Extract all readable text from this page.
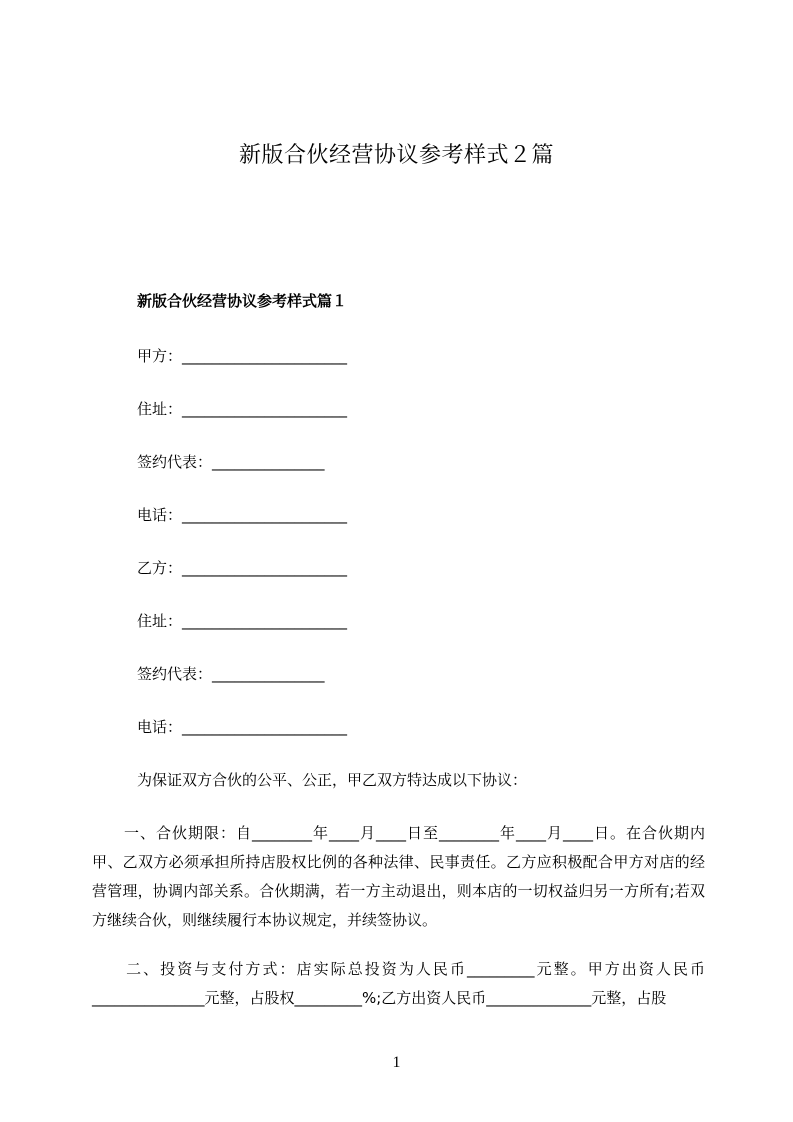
新版合伙经营协议参考样式２篇
新版合伙经营协议参考样式篇１
甲方：______________________
住址：______________________
签约代表：_______________
电话：______________________
乙方：______________________
住址：______________________
签约代表：_______________
电话：______________________
为保证双方合伙的公平、公正，甲乙双方特达成以下协议：
　　一、合伙期限：自________年____月____日至________年____月____日。在合伙期内甲、乙双方必须承担所持店股权比例的各种法律、民事责任。乙方应积极配合甲方对店的经营管理，协调内部关系。合伙期满，若一方主动退出，则本店的一切权益归另一方所有;若双方继续合伙，则继续履行本协议规定，并续签协议。
　　二、投资与支付方式：店实际总投资为人民币_________元整。甲方出资人民币_______________元整，占股权_________%;乙方出资人民币______________元整，占股
1
